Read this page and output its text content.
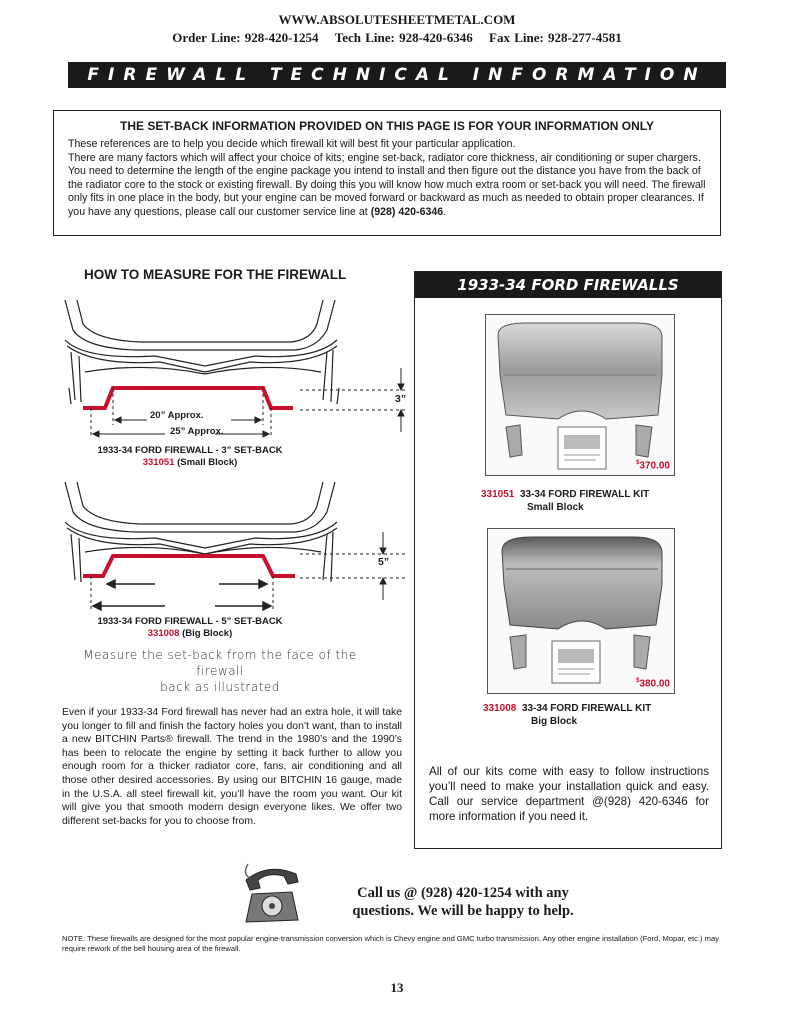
WWW.ABSOLUTESHEETMETAL.COM
Order Line: 928-420-1254 Tech Line: 928-420-6346 Fax Line: 928-277-4581
FIREWALL TECHNICAL INFORMATION
THE SET-BACK INFORMATION PROVIDED ON THIS PAGE IS FOR YOUR INFORMATION ONLY
These references are to help you decide which firewall kit will best fit your particular application.
There are many factors which will affect your choice of kits; engine set-back, radiator core thickness, air conditioning or super chargers. You need to determine the length of the engine package you intend to install and then figure out the distance you have from the back of the radiator core to the stock or existing firewall. By doing this you will know how much extra room or set-back you will need. The firewall only fits in one place in the body, but your engine can be moved forward or backward as much as needed to obtain proper clearances. If you have any questions, please call our customer service line at (928) 420-6346.
HOW TO MEASURE FOR THE FIREWALL
20” Approx.
25” Approx.
3”
1933-34 FORD FIREWALL - 3” SET-BACK
331051 (Small Block)
5”
1933-34 FORD FIREWALL - 5” SET-BACK
331008 (Big Block)
Measure the set-back from the face of the firewall
back as illustrated
Even if your 1933-34 Ford firewall has never had an extra hole, it will take you longer to fill and finish the factory holes you don’t want, than to install a new BITCHIN Parts® firewall. The trend in the 1980’s and the 1990’s has been to relocate the engine by setting it back further to allow you enough room for a thicker radiator core, fans, air conditioning and all those other desired accessories. By using our BITCHIN 16 gauge, made in the U.S.A. all steel firewall kit, you’ll have the room you want. Our kit will give you that smooth modern design everyone likes. We offer two different set-backs for you to choose from.
1933-34 FORD FIREWALLS
$370.00
331051 33-34 FORD FIREWALL KIT
Small Block
$380.00
331008 33-34 FORD FIREWALL KIT
Big Block
All of our kits come with easy to follow instructions you’ll need to make your installation quick and easy. Call our service department @(928) 420-6346 for more information if you need it.
Call us @ (928) 420-1254 with any
questions. We will be happy to help.
NOTE: These firewalls are designed for the most popular engine-transmission conversion which is Chevy engine and GMC turbo transmission. Any other engine installation (Ford, Mopar, etc.) may require rework of the bell housing area of the firewall.
13
